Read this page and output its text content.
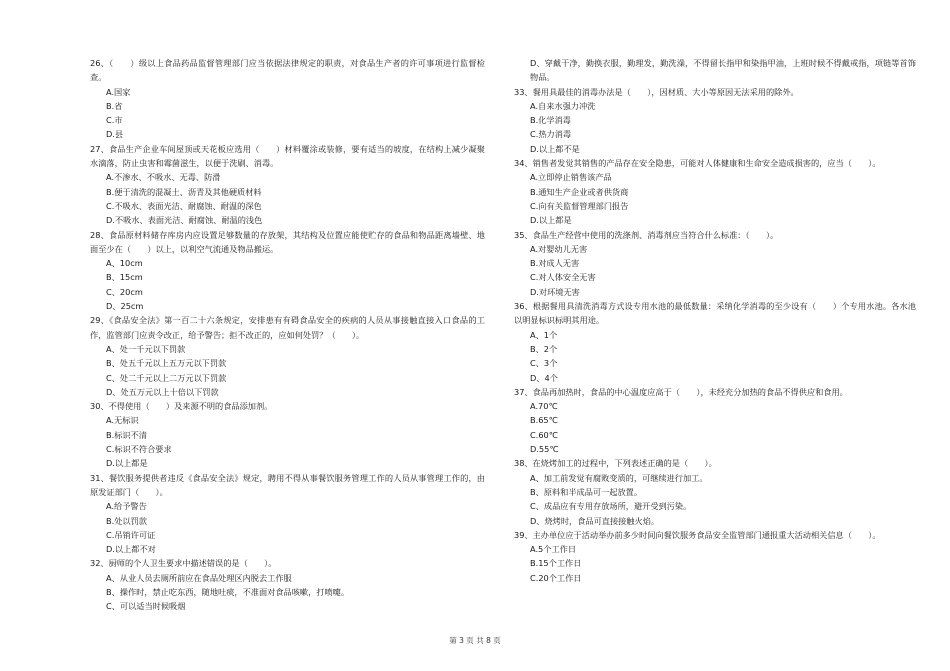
26、（　　）级以上食品药品监督管理部门应当依据法律规定的职责，对食品生产者的许可事项进行监督检查。
A.国家
B.省
C.市
D.县
27、食品生产企业车间屋顶或天花板应选用（　　）材料覆涂或装修，要有适当的坡度，在结构上减少凝聚水滴落，防止虫害和霉菌滋生，以便于洗刷、消毒。
A.不渗水、不吸水、无毒、防滑
B.便于清洗的混凝土、沥青及其他硬质材料
C.不吸水、表面光洁、耐腐蚀、耐温的深色
D.不吸水、表面光洁、耐腐蚀、耐温的浅色
28、食品原材料储存库房内应设置足够数量的存放架，其结构及位置应能使贮存的食品和物品距离墙壁、地面至少在（　　）以上，以利空气流通及物品搬运。
A、10cm
B、15cm
C、20cm
D、25cm
29、《食品安全法》第一百二十六条规定，安排患有有碍食品安全的疾病的人员从事接触直接入口食品的工作，监管部门应责令改正，给予警告；拒不改正的，应如何处罚？（　　）。
A、处一千元以下罚款
B、处五千元以上五万元以下罚款
C、处二千元以上二万元以下罚款
D、处五万元以上十倍以下罚款
30、不得使用（　　）及来源不明的食品添加剂。
A.无标识
B.标识不清
C.标识不符合要求
D.以上都是
31、餐饮服务提供者违反《食品安全法》规定，聘用不得从事餐饮服务管理工作的人员从事管理工作的，由原发证部门（　　）。
A.给予警告
B.处以罚款
C.吊销许可证
D.以上都不对
32、厨师的个人卫生要求中描述错误的是（　　）。
A、从业人员去厕所前应在食品处理区内脱去工作服
B、操作时，禁止吃东西，随地吐痰，不准面对食品咳嗽，打喷嚏。
C、可以适当时候吸烟
D、穿戴干净，勤换衣服，勤理发，勤洗澡，不得留长指甲和染指甲油，上班时候不得戴戒指，项链等首饰物品。
33、餐用具最佳的消毒办法是（　　），因材质、大小等原因无法采用的除外。
A.自来水强力冲洗
B.化学消毒
C.热力消毒
D.以上都不是
34、销售者发觉其销售的产品存在安全隐患，可能对人体健康和生命安全造成损害的，应当（　　）。
A.立即停止销售该产品
B.通知生产企业或者供货商
C.向有关监督管理部门报告
D.以上都是
35、食品生产经营中使用的洗涤剂、消毒剂应当符合什么标准：（　　）。
A.对婴幼儿无害
B.对成人无害
C.对人体安全无害
D.对环境无害
36、根据餐用具清洗消毒方式设专用水池的最低数量：采纳化学消毒的至少设有（　　）个专用水池。各水池以明显标识标明其用途。
A、1个
B、2个
C、3个
D、4个
37、食品再加热时，食品的中心温度应高于（　　），未经充分加热的食品不得供应和食用。
A.70℃
B.65℃
C.60℃
D.55℃
38、在烧烤加工的过程中，下列表述正确的是（　　）。
A、加工前发觉有腐败变质的，可继续进行加工。
B、原料和半成品可一起放置。
C、成品应有专用存放场所，避开受到污染。
D、烧烤时，食品可直接接触火焰。
39、主办单位应于活动举办前多少时间向餐饮服务食品安全监管部门通报重大活动相关信息（　　）。
A.5个工作日
B.15个工作日
C.20个工作日
第 3 页 共 8 页
